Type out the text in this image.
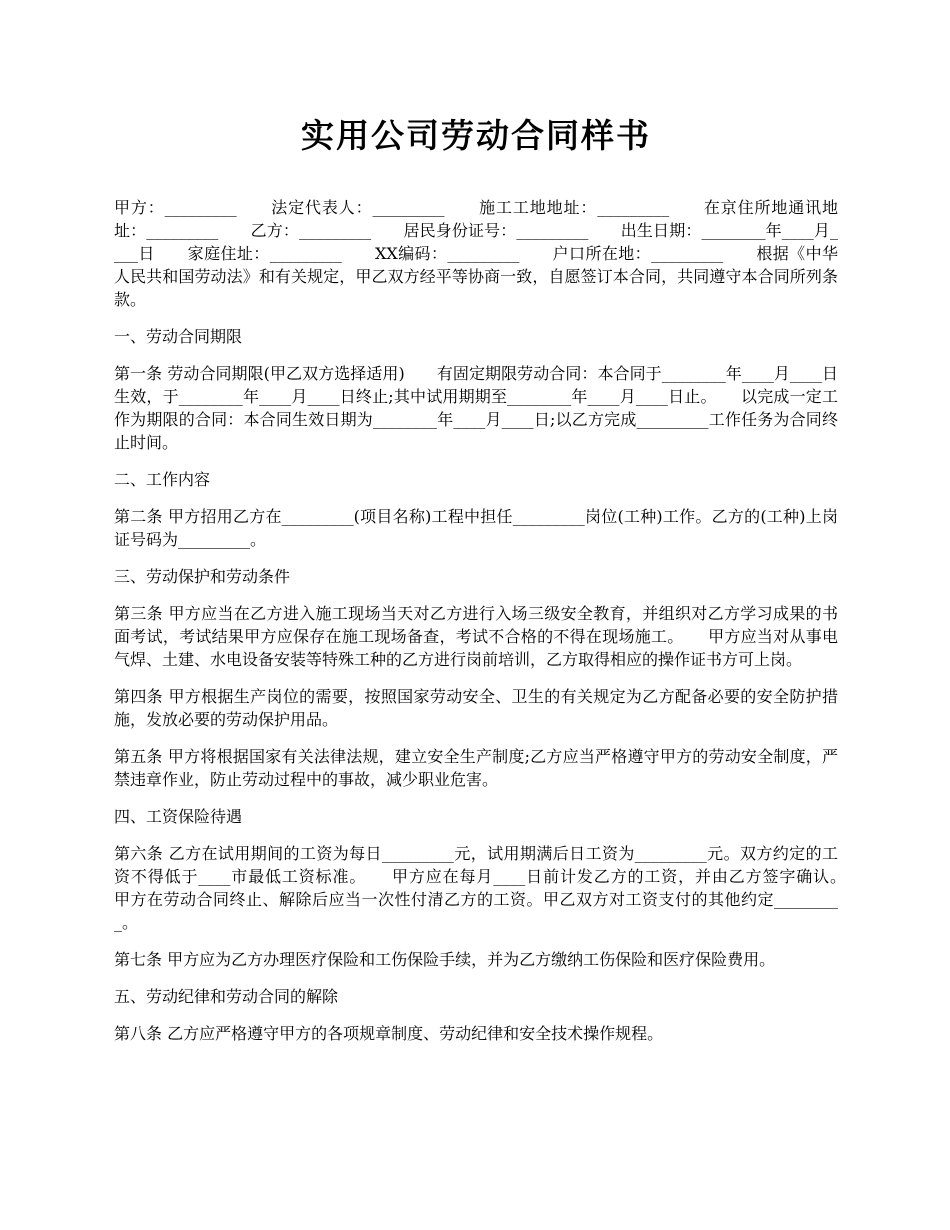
实用公司劳动合同样书

甲方：_________　　法定代表人：_________　　施工工地地址：_________　　在京住所地通讯地址：_________　　乙方：_________　　居民身份证号：_________　　出生日期：________年____月____日　　家庭住址：_________　　XX编码：_________　　户口所在地：_________　　根据《中华人民共和国劳动法》和有关规定，甲乙双方经平等协商一致，自愿签订本合同，共同遵守本合同所列条款。

一、劳动合同期限

第一条 劳动合同期限(甲乙双方选择适用)　　有固定期限劳动合同：本合同于________年____月____日生效，于________年____月____日终止;其中试用期期至________年____月____日止。　　以完成一定工作为期限的合同：本合同生效日期为________年____月____日;以乙方完成_________工作任务为合同终止时间。

二、工作内容

第二条 甲方招用乙方在_________(项目名称)工程中担任_________岗位(工种)工作。乙方的(工种)上岗证号码为_________。

三、劳动保护和劳动条件

第三条 甲方应当在乙方进入施工现场当天对乙方进行入场三级安全教育，并组织对乙方学习成果的书面考试，考试结果甲方应保存在施工现场备查，考试不合格的不得在现场施工。　　甲方应当对从事电气焊、土建、水电设备安装等特殊工种的乙方进行岗前培训，乙方取得相应的操作证书方可上岗。

第四条 甲方根据生产岗位的需要，按照国家劳动安全、卫生的有关规定为乙方配备必要的安全防护措施，发放必要的劳动保护用品。

第五条 甲方将根据国家有关法律法规，建立安全生产制度;乙方应当严格遵守甲方的劳动安全制度，严禁违章作业，防止劳动过程中的事故，减少职业危害。

四、工资保险待遇

第六条 乙方在试用期间的工资为每日_________元，试用期满后日工资为_________元。双方约定的工资不得低于____市最低工资标准。　　甲方应在每月____日前计发乙方的工资，并由乙方签字确认。　　甲方在劳动合同终止、解除后应当一次性付清乙方的工资。甲乙双方对工资支付的其他约定_________。

第七条 甲方应为乙方办理医疗保险和工伤保险手续，并为乙方缴纳工伤保险和医疗保险费用。

五、劳动纪律和劳动合同的解除

第八条 乙方应严格遵守甲方的各项规章制度、劳动纪律和安全技术操作规程。
